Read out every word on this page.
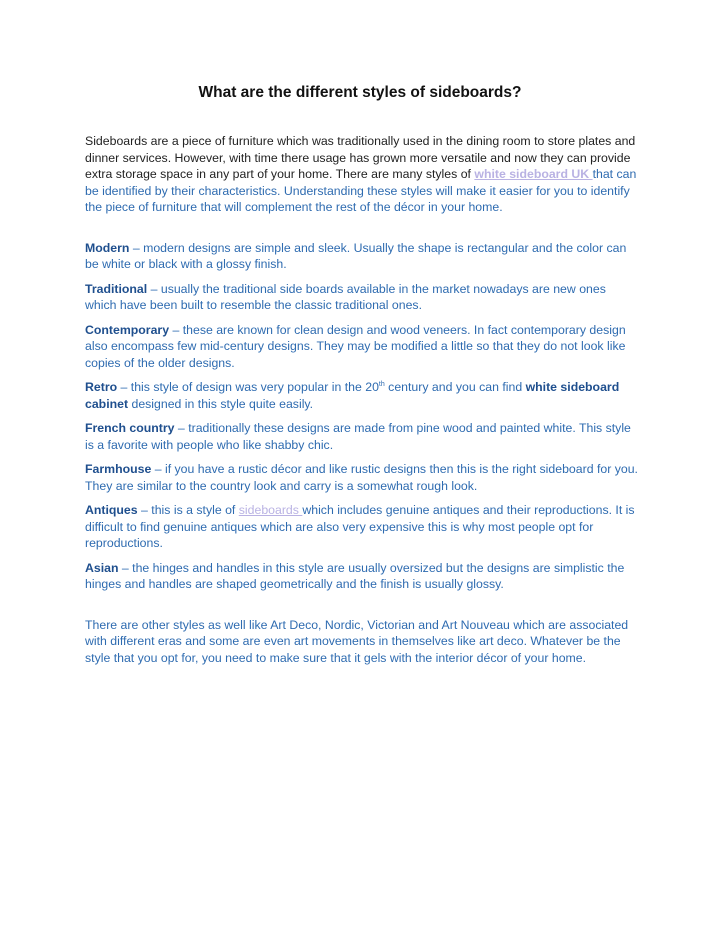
What are the different styles of sideboards?

Sideboards are a piece of furniture which was traditionally used in the dining room to store plates and dinner services. However, with time there usage has grown more versatile and now they can provide extra storage space in any part of your home. There are many styles of white sideboard UK that can be identified by their characteristics. Understanding these styles will make it easier for you to identify the piece of furniture that will complement the rest of the décor in your home.

Modern – modern designs are simple and sleek. Usually the shape is rectangular and the color can be white or black with a glossy finish.

Traditional – usually the traditional side boards available in the market nowadays are new ones which have been built to resemble the classic traditional ones.

Contemporary – these are known for clean design and wood veneers. In fact contemporary design also encompass few mid-century designs. They may be modified a little so that they do not look like copies of the older designs.

Retro – this style of design was very popular in the 20th century and you can find white sideboard cabinet designed in this style quite easily.

French country – traditionally these designs are made from pine wood and painted white. This style is a favorite with people who like shabby chic.

Farmhouse – if you have a rustic décor and like rustic designs then this is the right sideboard for you. They are similar to the country look and carry is a somewhat rough look.

Antiques – this is a style of sideboards which includes genuine antiques and their reproductions. It is difficult to find genuine antiques which are also very expensive this is why most people opt for reproductions.

Asian – the hinges and handles in this style are usually oversized but the designs are simplistic the hinges and handles are shaped geometrically and the finish is usually glossy.

There are other styles as well like Art Deco, Nordic, Victorian and Art Nouveau which are associated with different eras and some are even art movements in themselves like art deco. Whatever be the style that you opt for, you need to make sure that it gels with the interior décor of your home.
